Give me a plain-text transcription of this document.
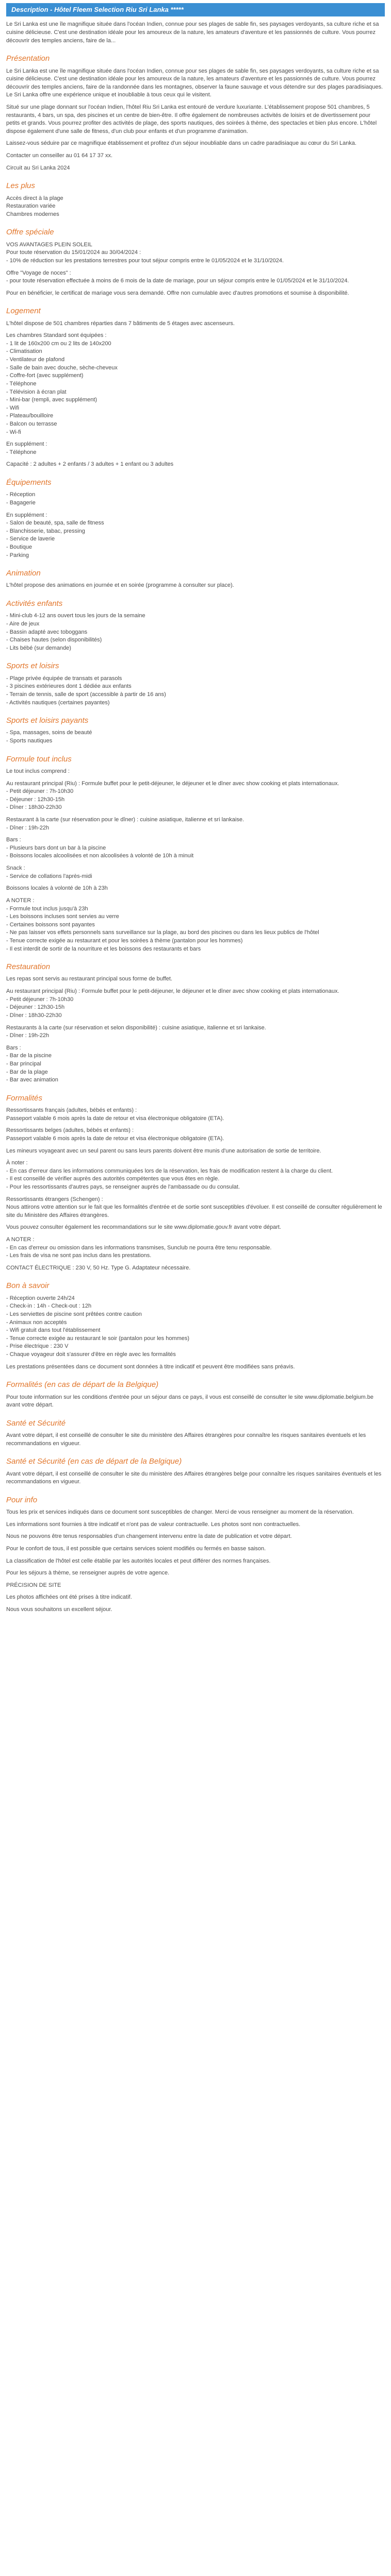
Description - Hôtel Fleem Selection Riu Sri Lanka *****

Le Sri Lanka est une île magnifique située dans l'océan Indien, connue pour ses plages de sable fin, ses paysages verdoyants, sa culture riche et sa cuisine délicieuse. C'est une destination idéale pour les amoureux de la nature, les amateurs d'aventure et les passionnés de culture. Vous pourrez découvrir des temples anciens, faire de la...

Présentation

Le Sri Lanka est une île magnifique située dans l'océan Indien, connue pour ses plages de sable fin, ses paysages verdoyants, sa culture riche et sa cuisine délicieuse. C'est une destination idéale pour les amoureux de la nature, les amateurs d'aventure et les passionnés de culture. Vous pourrez découvrir des temples anciens, faire de la randonnée dans les montagnes, observer la faune sauvage et vous détendre sur des plages paradisiaques. Le Sri Lanka offre une expérience unique et inoubliable à tous ceux qui le visitent.

Situé sur une plage donnant sur l'océan Indien, l'hôtel Riu Sri Lanka est entouré de verdure luxuriante. L'établissement propose 501 chambres, 5 restaurants, 4 bars, un spa, des piscines et un centre de bien-être. Il offre également de nombreuses activités de loisirs et de divertissement pour petits et grands. Vous pourrez profiter des activités de plage, des sports nautiques, des soirées à thème, des spectacles et bien plus encore. L'hôtel dispose également d'une salle de fitness, d'un club pour enfants et d'un programme d'animation.

Laissez-vous séduire par ce magnifique établissement et profitez d'un séjour inoubliable dans un cadre paradisiaque au cœur du Sri Lanka.

Contacter un conseiller au 01 64 17 37 xx.

Circuit au Sri Lanka 2024

Les plus

Accès direct à la plage
Restauration variée
Chambres modernes

Offre spéciale

VOS AVANTAGES PLEIN SOLEIL
Pour toute réservation du 15/01/2024 au 30/04/2024 :
- 10% de réduction sur les prestations terrestres pour tout séjour compris entre le 01/05/2024 et le 31/10/2024.

Offre "Voyage de noces" :
- pour toute réservation effectuée à moins de 6 mois de la date de mariage, pour un séjour compris entre le 01/05/2024 et le 31/10/2024.

Pour en bénéficier, le certificat de mariage vous sera demandé. Offre non cumulable avec d'autres promotions et soumise à disponibilité.

Logement

L'hôtel dispose de 501 chambres réparties dans 7 bâtiments de 5 étages avec ascenseurs.

Les chambres Standard sont équipées :
- 1 lit de 160x200 cm ou 2 lits de 140x200
- Climatisation
- Ventilateur de plafond
- Salle de bain avec douche, sèche-cheveux
- Coffre-fort (avec supplément)
- Téléphone
- Télévision à écran plat
- Mini-bar (rempli, avec supplément)
- Wifi
- Plateau/bouilloire
- Balcon ou terrasse
- Wi-fi

En supplément :
- Téléphone

Capacité : 2 adultes + 2 enfants / 3 adultes + 1 enfant ou 3 adultes

Équipements

- Réception
- Bagagerie

En supplément :
- Salon de beauté, spa, salle de fitness
- Blanchisserie, tabac, pressing
- Service de laverie
- Boutique
- Parking

Animation

L'hôtel propose des animations en journée et en soirée (programme à consulter sur place).

Activités enfants

- Mini-club 4-12 ans ouvert tous les jours de la semaine
- Aire de jeux
- Bassin adapté avec toboggans
- Chaises hautes (selon disponibilités)
- Lits bébé (sur demande)

Sports et loisirs

- Plage privée équipée de transats et parasols
- 3 piscines extérieures dont 1 dédiée aux enfants
- Terrain de tennis, salle de sport (accessible à partir de 16 ans)
- Activités nautiques (certaines payantes)

Sports et loisirs payants

- Spa, massages, soins de beauté
- Sports nautiques

Formule tout inclus

Le tout inclus comprend :

Au restaurant principal (Riu) : Formule buffet pour le petit-déjeuner, le déjeuner et le dîner avec show cooking et plats internationaux.
- Petit déjeuner : 7h-10h30
- Déjeuner : 12h30-15h
- Dîner : 18h30-22h30

Restaurant à la carte (sur réservation pour le dîner) : cuisine asiatique, italienne et sri lankaise.
- Dîner : 19h-22h

Bars :
- Plusieurs bars dont un bar à la piscine
- Boissons locales alcoolisées et non alcoolisées à volonté de 10h à minuit

Snack :
- Service de collations l'après-midi

Boissons locales à volonté de 10h à 23h

A NOTER :
- Formule tout inclus jusqu'à 23h
- Les boissons incluses sont servies au verre
- Certaines boissons sont payantes
- Ne pas laisser vos effets personnels sans surveillance sur la plage, au bord des piscines ou dans les lieux publics de l'hôtel
- Tenue correcte exigée au restaurant et pour les soirées à thème (pantalon pour les hommes)
- Il est interdit de sortir de la nourriture et les boissons des restaurants et bars

Restauration

Les repas sont servis au restaurant principal sous forme de buffet.

Au restaurant principal (Riu) : Formule buffet pour le petit-déjeuner, le déjeuner et le dîner avec show cooking et plats internationaux.
- Petit déjeuner : 7h-10h30
- Déjeuner : 12h30-15h
- Dîner : 18h30-22h30

Restaurants à la carte (sur réservation et selon disponibilité) : cuisine asiatique, italienne et sri lankaise.
- Dîner : 19h-22h

Bars :
- Bar de la piscine
- Bar principal
- Bar de la plage
- Bar avec animation

Formalités

Ressortissants français (adultes, bébés et enfants) :
Passeport valable 6 mois après la date de retour et visa électronique obligatoire (ETA).

Ressortissants belges (adultes, bébés et enfants) :
Passeport valable 6 mois après la date de retour et visa électronique obligatoire (ETA).

Les mineurs voyageant avec un seul parent ou sans leurs parents doivent être munis d'une autorisation de sortie de territoire.

À noter :
- En cas d'erreur dans les informations communiquées lors de la réservation, les frais de modification restent à la charge du client.
- Il est conseillé de vérifier auprès des autorités compétentes que vous êtes en règle.
- Pour les ressortissants d'autres pays, se renseigner auprès de l'ambassade ou du consulat.

Ressortissants étrangers (Schengen) :
Nous attirons votre attention sur le fait que les formalités d'entrée et de sortie sont susceptibles d'évoluer. Il est conseillé de consulter régulièrement le site du Ministère des Affaires étrangères.

Vous pouvez consulter également les recommandations sur le site www.diplomatie.gouv.fr avant votre départ.

A NOTER :
- En cas d'erreur ou omission dans les informations transmises, Sunclub ne pourra être tenu responsable.
- Les frais de visa ne sont pas inclus dans les prestations.

CONTACT ÉLECTRIQUE : 230 V, 50 Hz. Type G. Adaptateur nécessaire.

Bon à savoir

- Réception ouverte 24h/24
- Check-in : 14h - Check-out : 12h
- Les serviettes de piscine sont prêtées contre caution
- Animaux non acceptés
- Wifi gratuit dans tout l'établissement
- Tenue correcte exigée au restaurant le soir (pantalon pour les hommes)
- Prise électrique : 230 V
- Chaque voyageur doit s'assurer d'être en règle avec les formalités

Les prestations présentées dans ce document sont données à titre indicatif et peuvent être modifiées sans préavis.

Formalités (en cas de départ de la Belgique)

Pour toute information sur les conditions d'entrée pour un séjour dans ce pays, il vous est conseillé de consulter le site www.diplomatie.belgium.be avant votre départ.

Santé et Sécurité

Avant votre départ, il est conseillé de consulter le site du ministère des Affaires étrangères pour connaître les risques sanitaires éventuels et les recommandations en vigueur.

Santé et Sécurité (en cas de départ de la Belgique)

Avant votre départ, il est conseillé de consulter le site du ministère des Affaires étrangères belge pour connaître les risques sanitaires éventuels et les recommandations en vigueur.

Pour info

Tous les prix et services indiqués dans ce document sont susceptibles de changer. Merci de vous renseigner au moment de la réservation.

Les informations sont fournies à titre indicatif et n'ont pas de valeur contractuelle. Les photos sont non contractuelles.

Nous ne pouvons être tenus responsables d'un changement intervenu entre la date de publication et votre départ.

Pour le confort de tous, il est possible que certains services soient modifiés ou fermés en basse saison.

La classification de l'hôtel est celle établie par les autorités locales et peut différer des normes françaises.

Pour les séjours à thème, se renseigner auprès de votre agence.

PRÉCISION DE SITE

Les photos affichées ont été prises à titre indicatif.

Nous vous souhaitons un excellent séjour.
